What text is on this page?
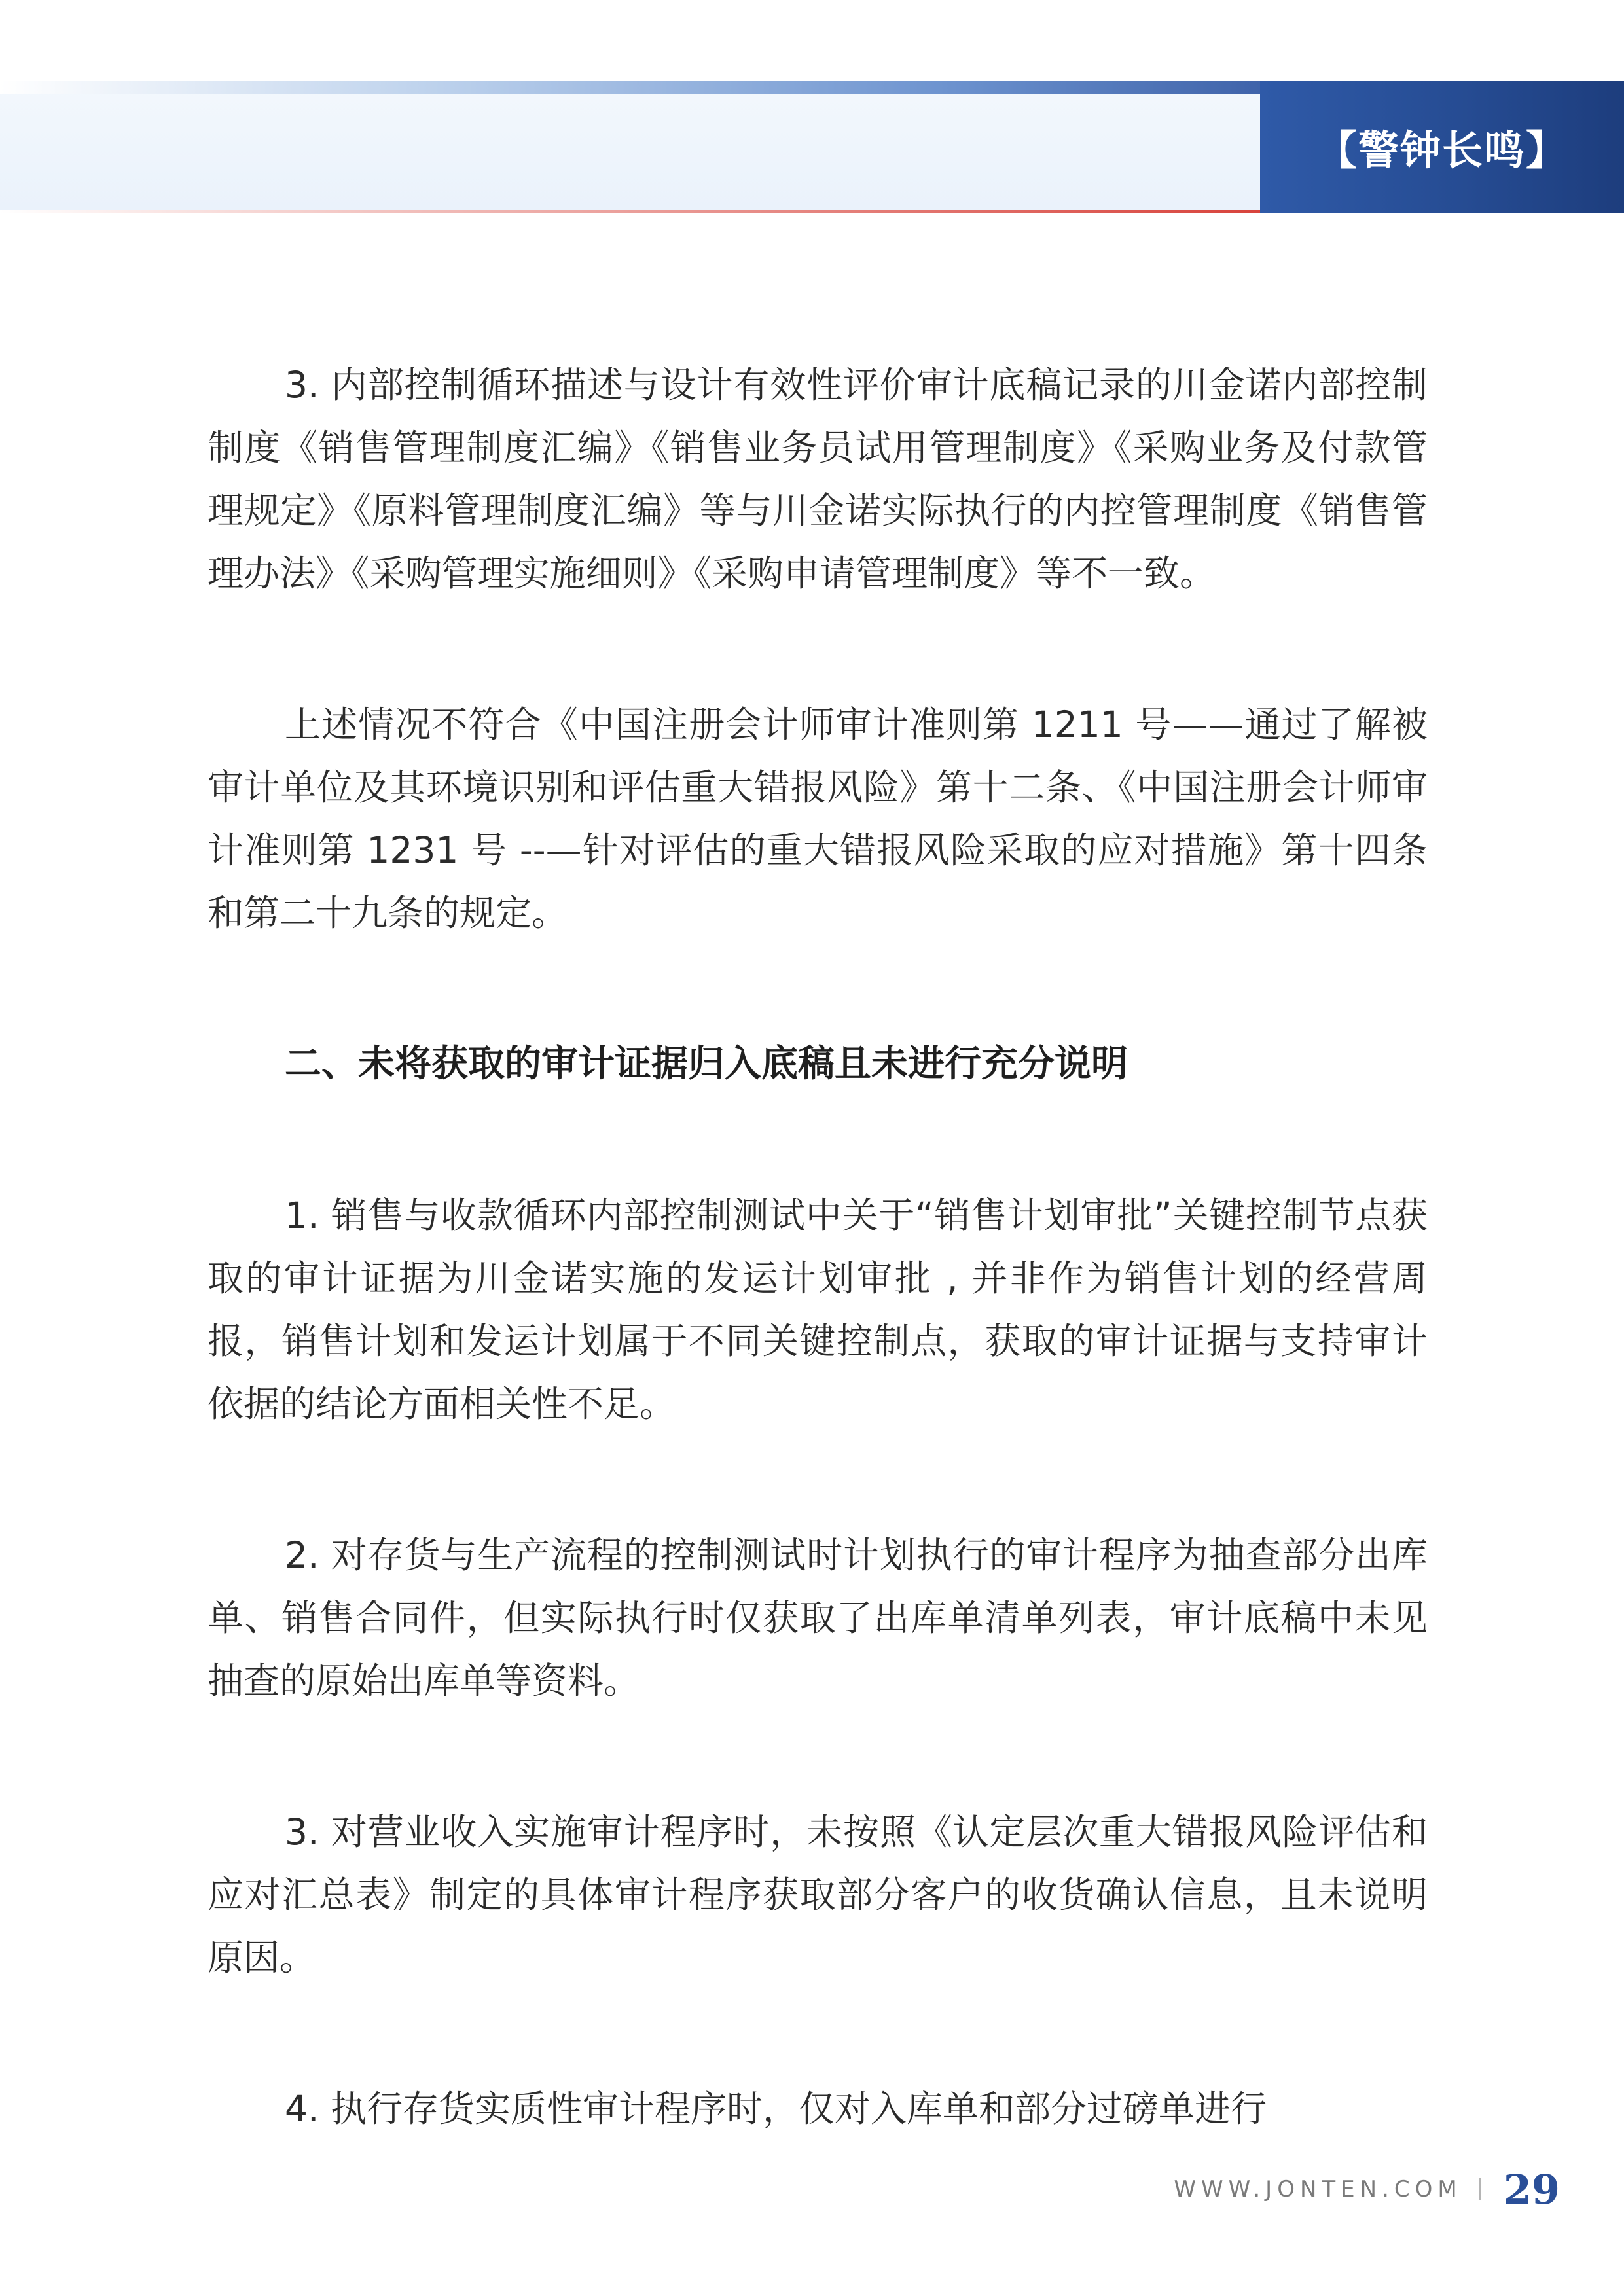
【警钟长鸣】

3. 内部控制循环描述与设计有效性评价审计底稿记录的川金诺内部控制制度《销售管理制度汇编》《销售业务员试用管理制度》《采购业务及付款管理规定》《原料管理制度汇编》等与川金诺实际执行的内控管理制度《销售管理办法》《采购管理实施细则》《采购申请管理制度》等不一致。

上述情况不符合《中国注册会计师审计准则第 1211 号——通过了解被审计单位及其环境识别和评估重大错报风险》第十二条、《中国注册会计师审计准则第 1231 号 --—针对评估的重大错报风险采取的应对措施》第十四条和第二十九条的规定。

二、未将获取的审计证据归入底稿且未进行充分说明

1. 销售与收款循环内部控制测试中关于“销售计划审批”关键控制节点获取的审计证据为川金诺实施的发运计划审批 , 并非作为销售计划的经营周报，销售计划和发运计划属于不同关键控制点，获取的审计证据与支持审计依据的结论方面相关性不足。

2. 对存货与生产流程的控制测试时计划执行的审计程序为抽查部分出库单、销售合同件，但实际执行时仅获取了出库单清单列表，审计底稿中未见抽查的原始出库单等资料。

3. 对营业收入实施审计程序时，未按照《认定层次重大错报风险评估和应对汇总表》制定的具体审计程序获取部分客户的收货确认信息，且未说明原因。

4. 执行存货实质性审计程序时，仅对入库单和部分过磅单进行

WWW.JONTEN.COM 29
